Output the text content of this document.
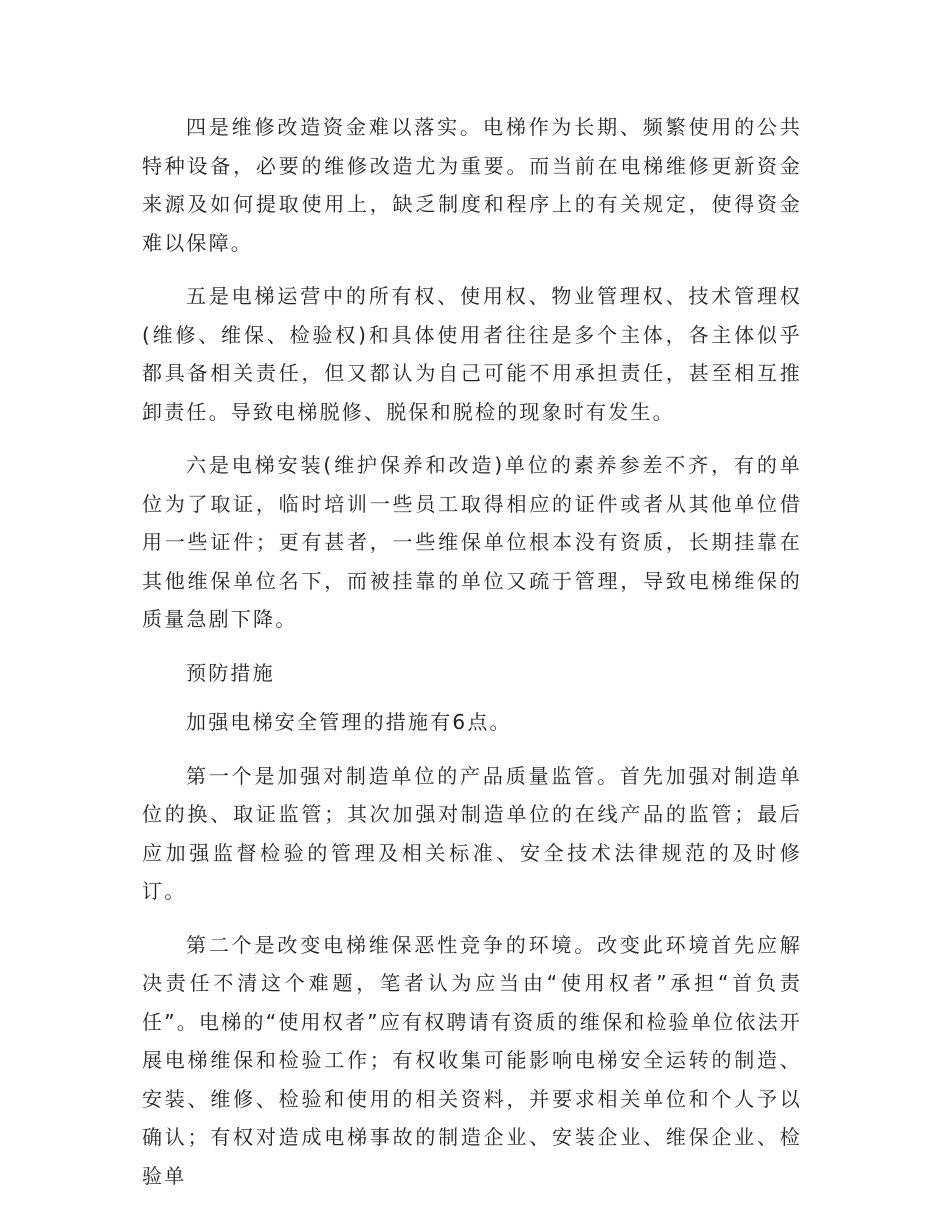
四是维修改造资金难以落实。电梯作为长期、频繁使用的公共特种设备，必要的维修改造尤为重要。而当前在电梯维修更新资金来源及如何提取使用上，缺乏制度和程序上的有关规定，使得资金难以保障。

五是电梯运营中的所有权、使用权、物业管理权、技术管理权(维修、维保、检验权)和具体使用者往往是多个主体，各主体似乎都具备相关责任，但又都认为自己可能不用承担责任，甚至相互推卸责任。导致电梯脱修、脱保和脱检的现象时有发生。

六是电梯安装(维护保养和改造)单位的素养参差不齐，有的单位为了取证，临时培训一些员工取得相应的证件或者从其他单位借用一些证件；更有甚者，一些维保单位根本没有资质，长期挂靠在其他维保单位名下，而被挂靠的单位又疏于管理，导致电梯维保的质量急剧下降。

预防措施

加强电梯安全管理的措施有6点。

第一个是加强对制造单位的产品质量监管。首先加强对制造单位的换、取证监管；其次加强对制造单位的在线产品的监管；最后应加强监督检验的管理及相关标准、安全技术法律规范的及时修订。

第二个是改变电梯维保恶性竞争的环境。改变此环境首先应解决责任不清这个难题，笔者认为应当由“使用权者”承担“首负责任”。电梯的“使用权者”应有权聘请有资质的维保和检验单位依法开展电梯维保和检验工作；有权收集可能影响电梯安全运转的制造、安装、维修、检验和使用的相关资料，并要求相关单位和个人予以确认；有权对造成电梯事故的制造企业、安装企业、维保企业、检验单
